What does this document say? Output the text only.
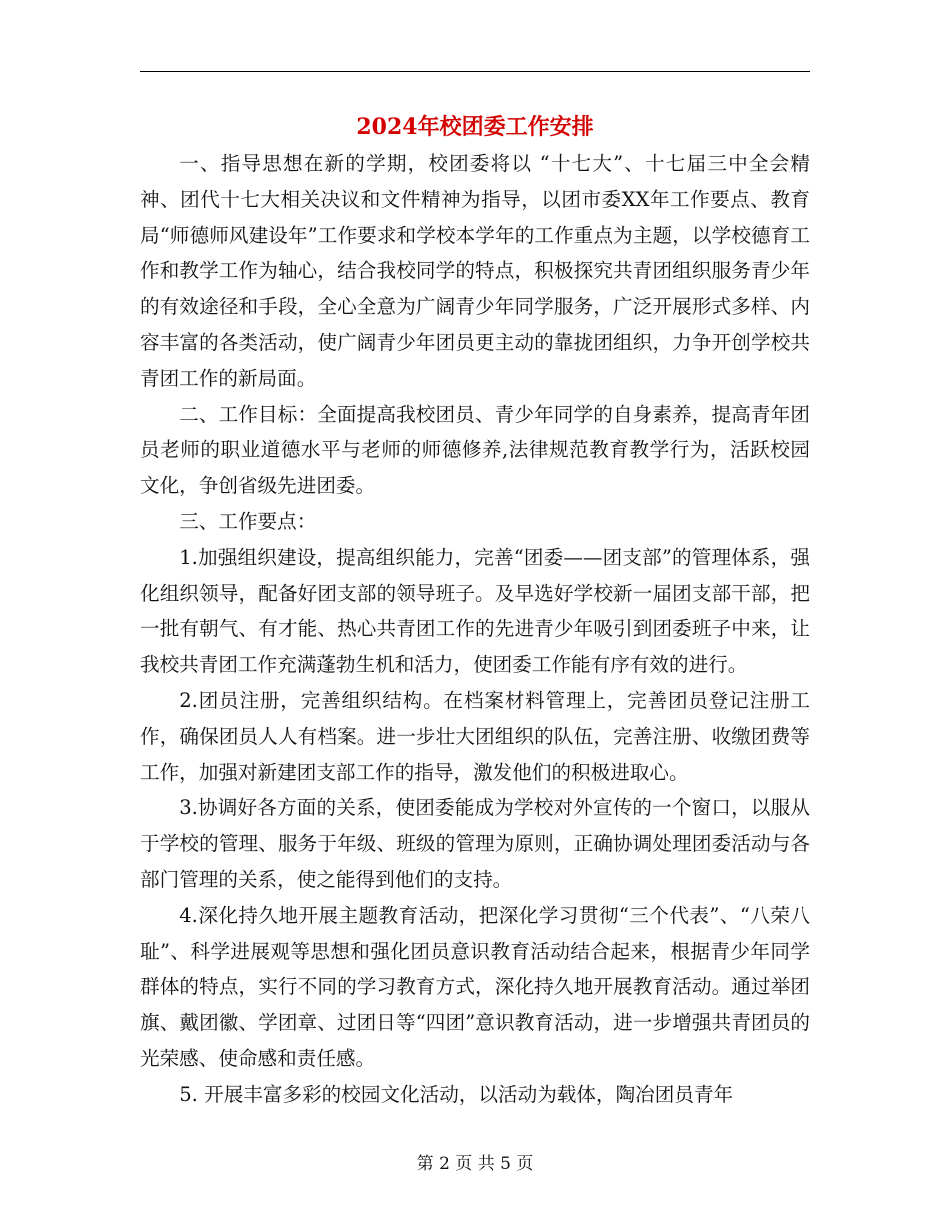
2024年校团委工作安排

一、指导思想在新的学期，校团委将以 “十七大”、十七届三中全会精神、团代十七大相关决议和文件精神为指导，以团市委XX年工作要点、教育局“师德师风建设年”工作要求和学校本学年的工作重点为主题，以学校德育工作和教学工作为轴心，结合我校同学的特点，积极探究共青团组织服务青少年的有效途径和手段，全心全意为广阔青少年同学服务，广泛开展形式多样、内容丰富的各类活动，使广阔青少年团员更主动的靠拢团组织，力争开创学校共青团工作的新局面。

二、工作目标：全面提高我校团员、青少年同学的自身素养，提高青年团员老师的职业道德水平与老师的师德修养,法律规范教育教学行为，活跃校园文化，争创省级先进团委。

三、工作要点：

1.加强组织建设，提高组织能力，完善“团委——团支部”的管理体系，强化组织领导，配备好团支部的领导班子。及早选好学校新一届团支部干部，把一批有朝气、有才能、热心共青团工作的先进青少年吸引到团委班子中来，让我校共青团工作充满蓬勃生机和活力，使团委工作能有序有效的进行。

2.团员注册，完善组织结构。在档案材料管理上，完善团员登记注册工作，确保团员人人有档案。进一步壮大团组织的队伍，完善注册、收缴团费等工作，加强对新建团支部工作的指导，激发他们的积极进取心。

3.协调好各方面的关系，使团委能成为学校对外宣传的一个窗口，以服从于学校的管理、服务于年级、班级的管理为原则，正确协调处理团委活动与各部门管理的关系，使之能得到他们的支持。

4.深化持久地开展主题教育活动，把深化学习贯彻“三个代表”、“八荣八耻”、科学进展观等思想和强化团员意识教育活动结合起来，根据青少年同学群体的特点，实行不同的学习教育方式，深化持久地开展教育活动。通过举团旗、戴团徽、学团章、过团日等“四团”意识教育活动，进一步增强共青团员的光荣感、使命感和责任感。

5. 开展丰富多彩的校园文化活动，以活动为载体，陶冶团员青年

第 2 页 共 5 页
